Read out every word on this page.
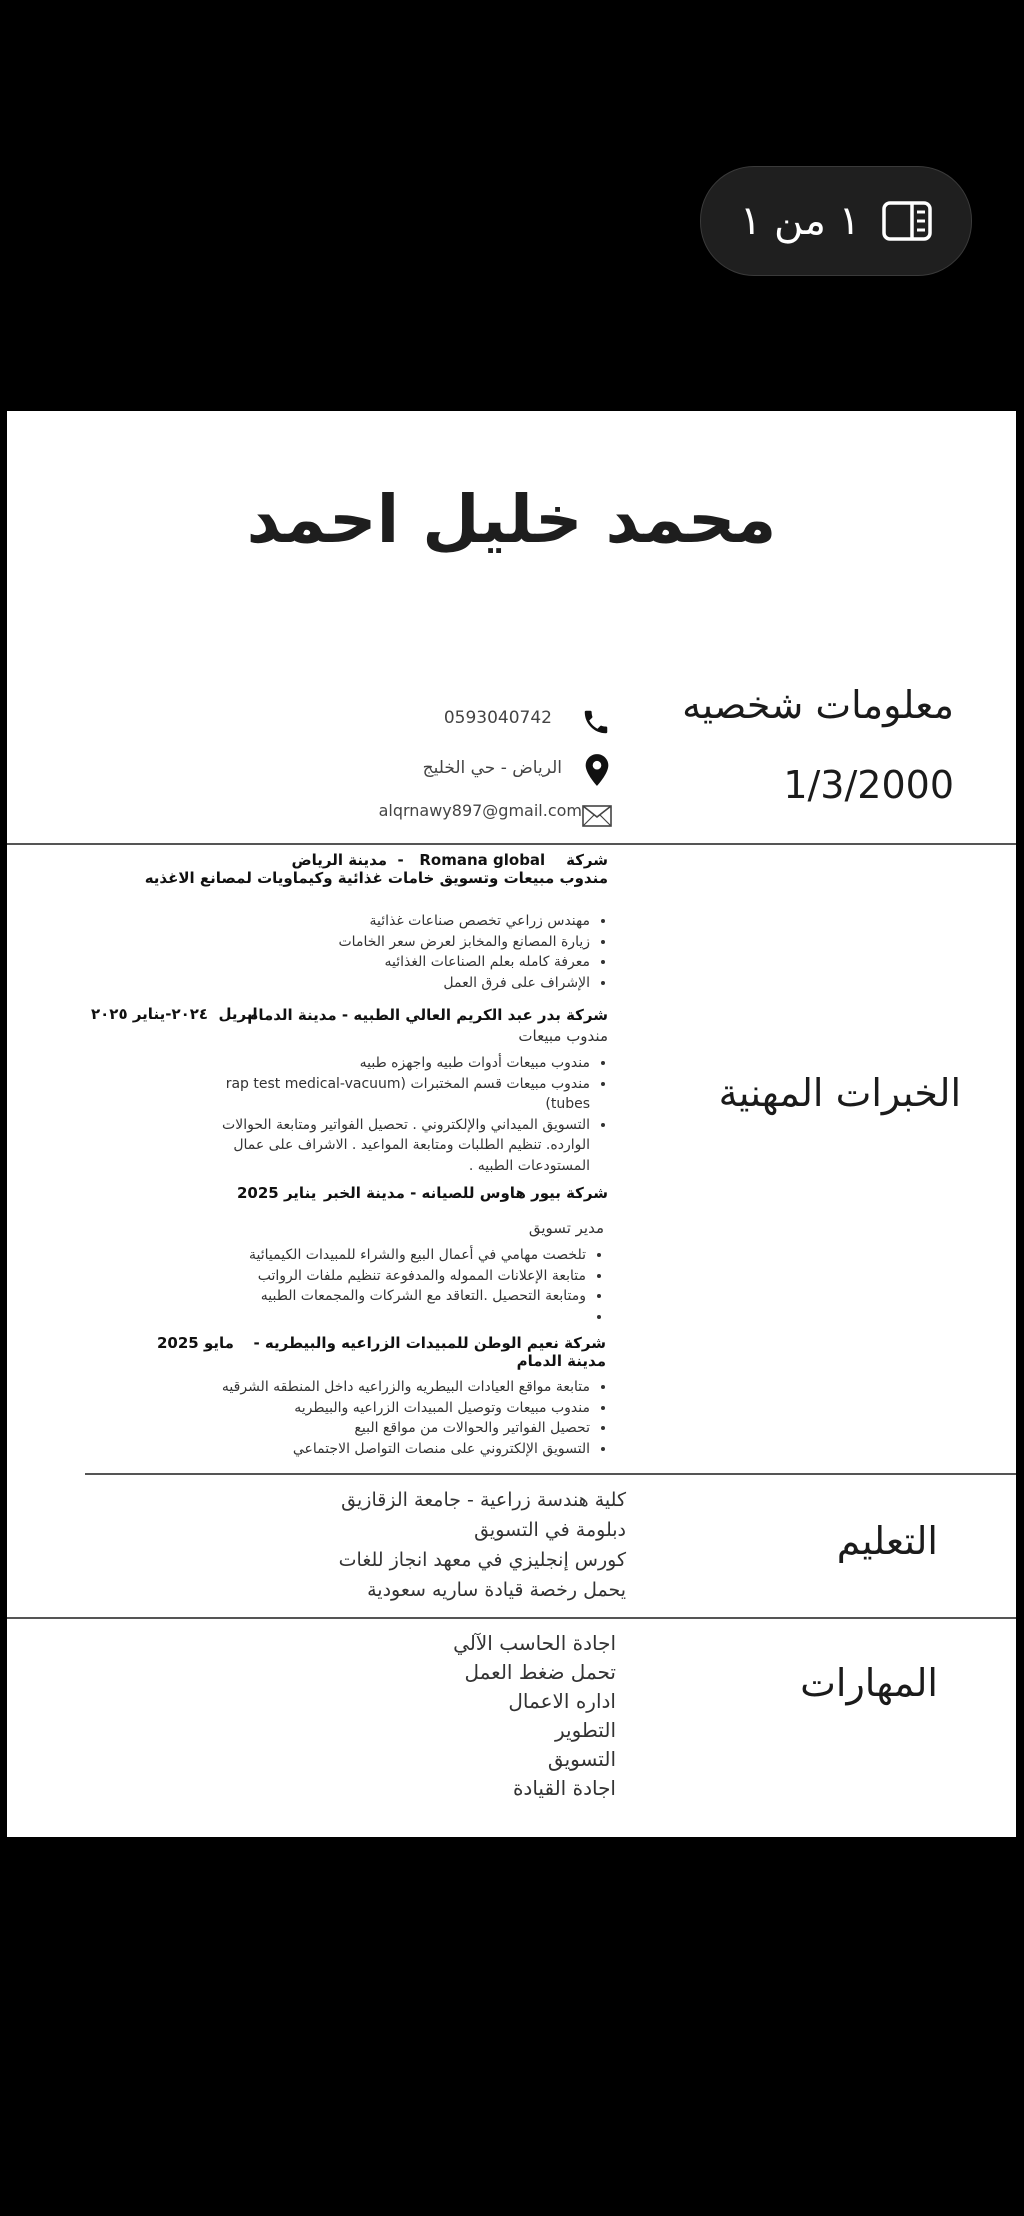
١ من ١
محمد خليل احمد
معلومات شخصيه
1/3/2000
0593040742
الرياض - حي الخليج
alqrnawy897@gmail.com
الخبرات المهنية
شركة    Romana global   -  مدينة الرياض
مندوب مبيعات وتسويق خامات غذائية وكيماويات لمصانع الاغذيه
• مهندس زراعي تخصص صناعات غذائية
• زيارة المصانع والمخابز لعرض سعر الخامات
• معرفة كامله بعلم الصناعات الغذائيه
• الإشراف على فرق العمل
شركة بدر عبد الكريم العالي الطبيه - مدينة الدمام
ابريل  ٢٠٢٤-يناير ٢٠٢٥
مندوب مبيعات
• مندوب مبيعات أدوات طبيه واجهزه طبيه
• مندوب مبيعات قسم المختبرات (rap test medical-vacuum tubes)
• التسويق الميداني والإلكتروني . تحصيل الفواتير ومتابعة الحوالات الوارده. تنظيم الطلبات ومتابعة المواعيد . الاشراف على عمال المستودعات الطبيه .
شركة بيور هاوس للصيانه - مدينة الخبر
يناير 2025
مدير تسويق
• تلخصت مهامي في أعمال البيع والشراء للمبيدات الكيميائية
• متابعة الإعلانات المموله والمدفوعة تنظيم ملفات الرواتب
• ومتابعة التحصيل .التعاقد مع الشركات والمجمعات الطبيه
•
شركة نعيم الوطن للمبيدات الزراعيه والبيطريه -
مدينة الدمام
مايو 2025
• متابعة مواقع العيادات البيطريه والزراعيه داخل المنطقه الشرقيه
• مندوب مبيعات وتوصيل المبيدات الزراعيه والبيطريه
• تحصيل الفواتير والحوالات من مواقع البيع
• التسويق الإلكتروني على منصات التواصل الاجتماعي
التعليم
كلية هندسة زراعية - جامعة الزقازيق
دبلومة في التسويق
كورس إنجليزي في معهد انجاز للغات
يحمل رخصة قيادة ساريه سعودية
المهارات
اجادة الحاسب الآلي
تحمل ضغط العمل
اداره الاعمال
التطوير
التسويق
اجادة القيادة
